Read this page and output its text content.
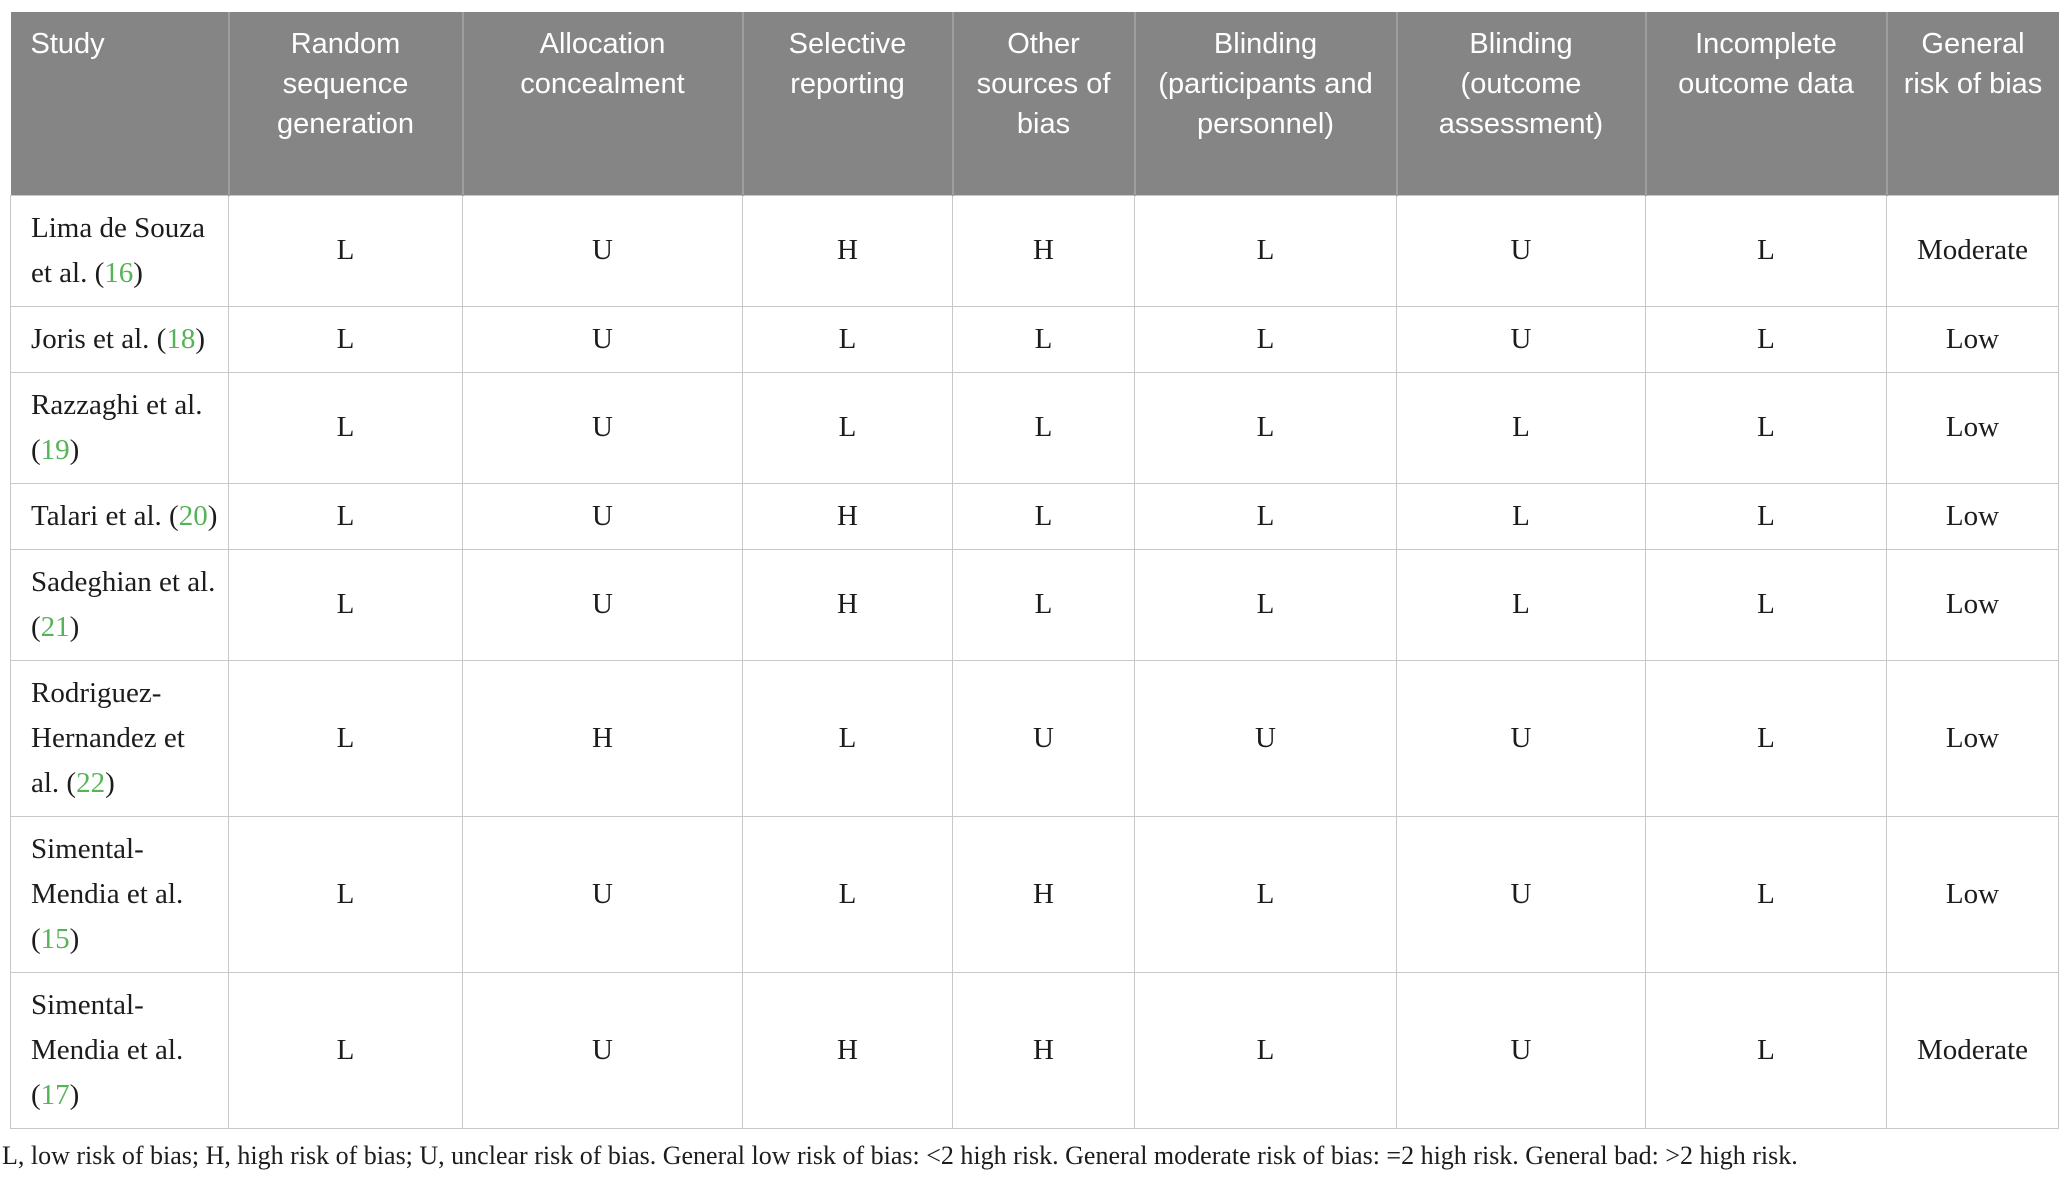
Study	Random sequence generation	Allocation concealment	Selective reporting	Other sources of bias	Blinding (participants and personnel)	Blinding (outcome assessment)	Incomplete outcome data	General risk of bias
Lima de Souza et al. (16)	L	U	H	H	L	U	L	Moderate
Joris et al. (18)	L	U	L	L	L	U	L	Low
Razzaghi et al. (19)	L	U	L	L	L	L	L	Low
Talari et al. (20)	L	U	H	L	L	L	L	Low
Sadeghian et al. (21)	L	U	H	L	L	L	L	Low
Rodriguez-Hernandez et al. (22)	L	H	L	U	U	U	L	Low
Simental-Mendia et al. (15)	L	U	L	H	L	U	L	Low
Simental-Mendia et al. (17)	L	U	H	H	L	U	L	Moderate
L, low risk of bias; H, high risk of bias; U, unclear risk of bias. General low risk of bias: <2 high risk. General moderate risk of bias: =2 high risk. General bad: >2 high risk.
